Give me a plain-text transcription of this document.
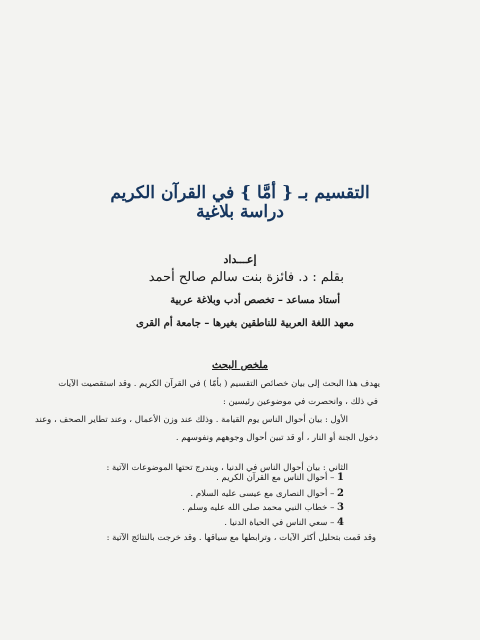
التقسيم بـ { أمَّا } في القرآن الكريم
دراسة بلاغية
إعـــداد
بقلم : د. فائزة بنت سالم صالح أحمد
أستاذ مساعد – تخصص أدب وبلاغة عربية
معهد اللغة العربية للناطقين بغيرها – جامعة أم القرى
ملخص البحث
يهدف هذا البحث إلى بيان خصائص التقسيم ( بأمّا ) في القرآن الكريم . وقد استقصيت الآيات
في ذلك ، وانحصرت في موضوعين رئيسين :
الأول : بيان أحوال الناس يوم القيامة . وذلك عند وزن الأعمال ، وعند تطاير الصحف ، وعند
دخول الجنة أو النار ، أو قد تبين أحوال وجوههم ونفوسهم .
الثاني : بيان أحوال الناس في الدنيا ، ويندرج تحتها الموضوعات الآتية :
1 – أحوال الناس مع القرآن الكريم .
2 – أحوال النصارى مع عيسى عليه السلام .
3 – خطاب النبي محمد صلى الله عليه وسلم .
4 – سعي الناس في الحياة الدنيا .
وقد قمت بتحليل أكثر الآيات ، وترابطها مع سياقها . وقد خرجت بالنتائج الآتية :
